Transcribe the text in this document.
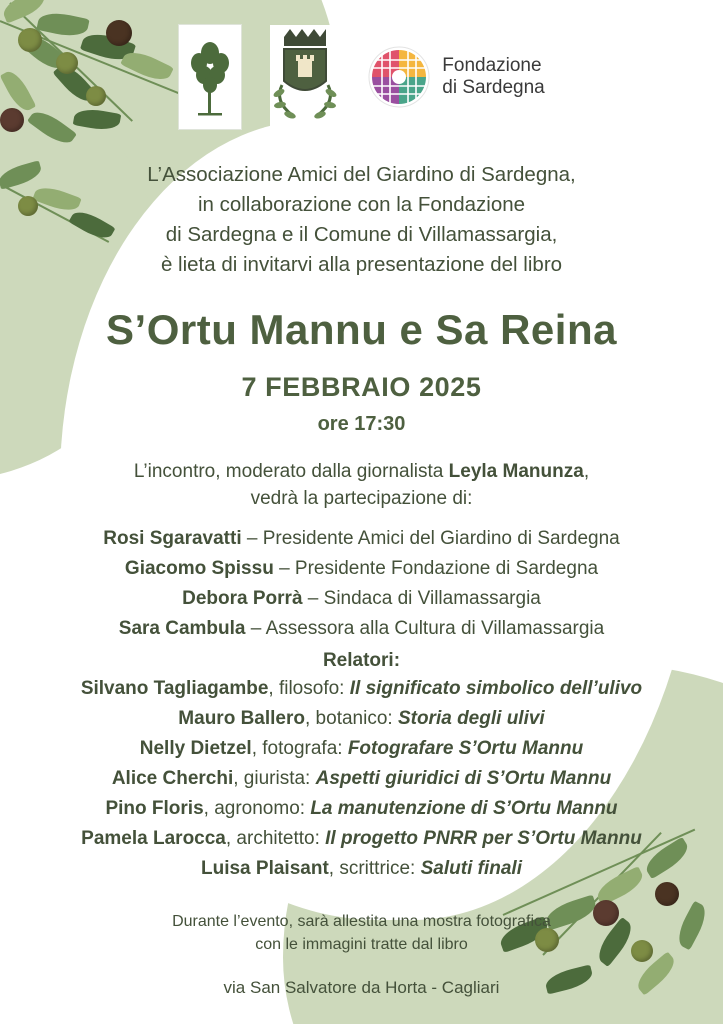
Fondazione
di Sardegna
L’Associazione Amici del Giardino di Sardegna,
in collaborazione con la Fondazione
di Sardegna e il Comune di Villamassargia,
è lieta di invitarvi alla presentazione del libro
S’Ortu Mannu e Sa Reina
7 FEBBRAIO 2025
ore 17:30
L’incontro, moderato dalla giornalista Leyla Manunza,
vedrà la partecipazione di:
Rosi Sgaravatti – Presidente Amici del Giardino di Sardegna
Giacomo Spissu – Presidente Fondazione di Sardegna
Debora Porrà – Sindaca di Villamassargia
Sara Cambula – Assessora alla Cultura di Villamassargia
Relatori:
Silvano Tagliagambe, filosofo: Il significato simbolico dell’ulivo
Mauro Ballero, botanico: Storia degli ulivi
Nelly Dietzel, fotografa: Fotografare S’Ortu Mannu
Alice Cherchi, giurista: Aspetti giuridici di S’Ortu Mannu
Pino Floris, agronomo: La manutenzione di S’Ortu Mannu
Pamela Larocca, architetto: Il progetto PNRR per S’Ortu Mannu
Luisa Plaisant, scrittrice: Saluti finali
Durante l’evento, sarà allestita una mostra fotografica
con le immagini tratte dal libro
via San Salvatore da Horta - Cagliari
